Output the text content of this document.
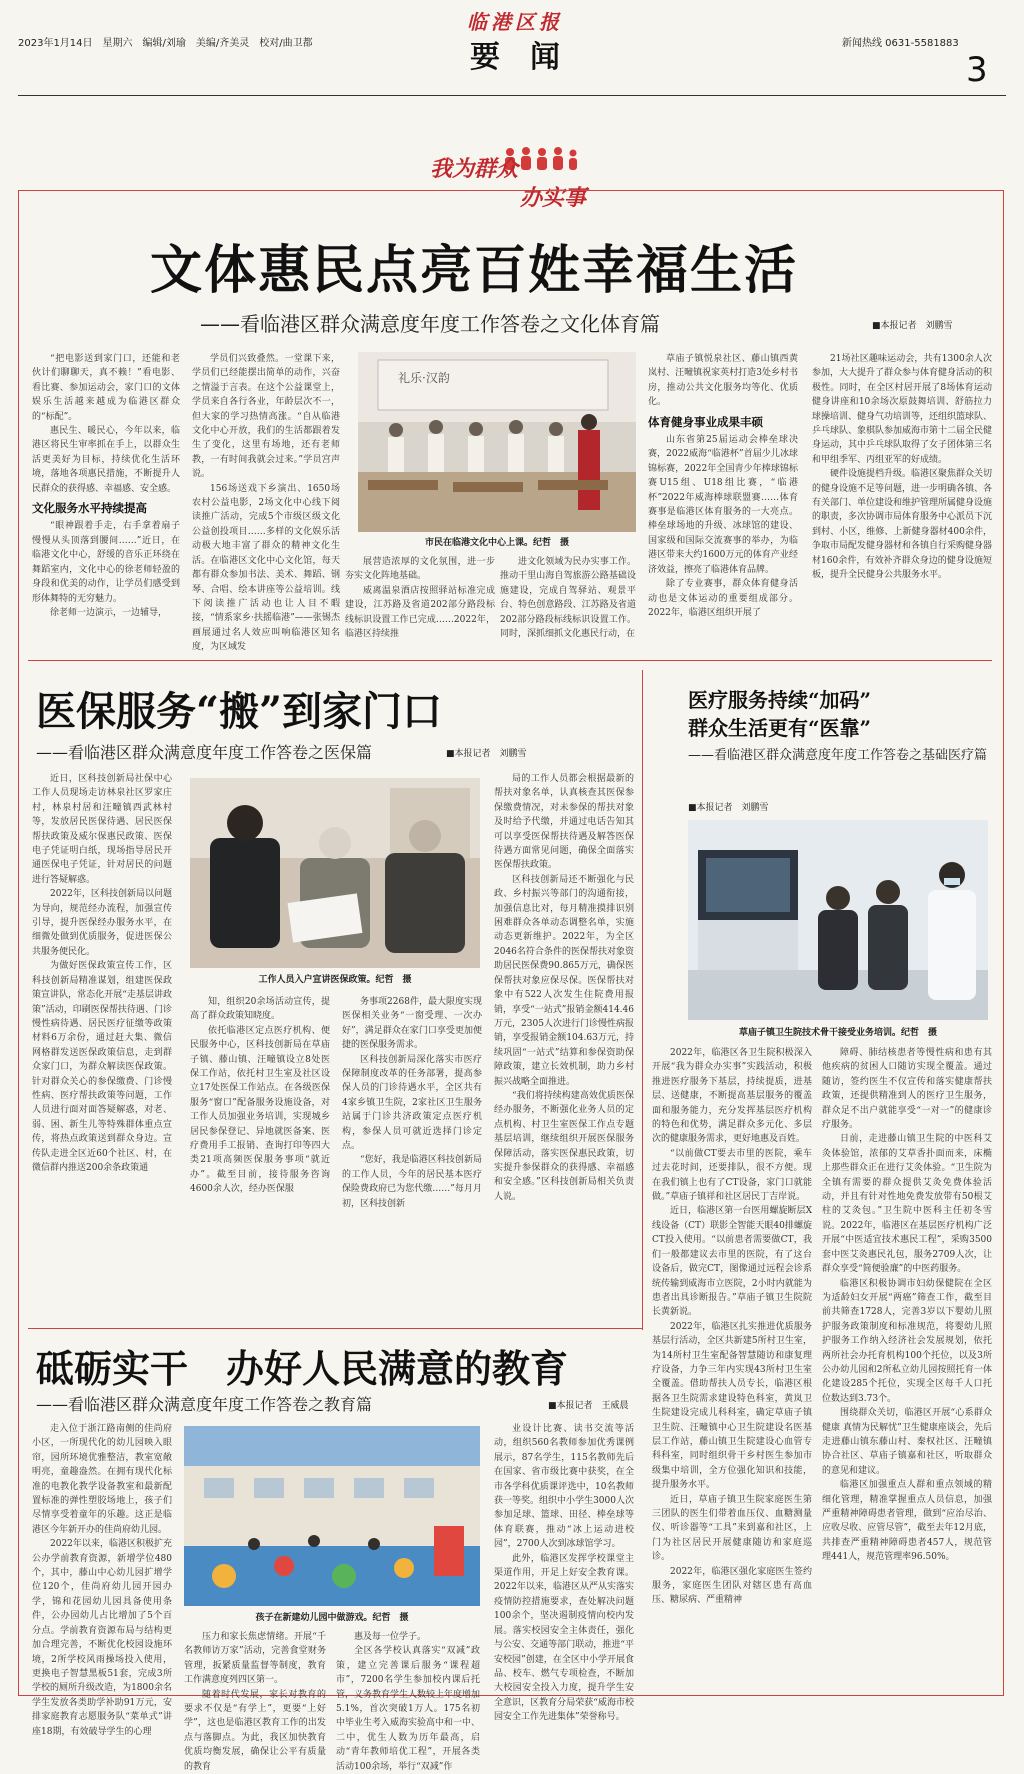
临港区报
2023年1月14日　星期六　编辑/刘瑜　美编/齐美灵　校对/曲卫都	要　闻	新闻热线 0631-5581883
3
我为群众
办实事
文体惠民点亮百姓幸福生活
——看临港区群众满意度年度工作答卷之文化体育篇	■本报记者　刘鹏雪

“把电影送到家门口，还能和老伙计们聊聊天，真不赖！”看电影、看比赛、参加运动会，家门口的文体娱乐生活越来越成为临港区群众的“标配”。

惠民生、暖民心，今年以来，临港区将民生审率抓在手上，以群众生活更美好为目标，持续优化生活环境，落地各项惠民措施，不断提升人民群众的获得感、幸福感、安全感。

文化服务水平持续提高

“眼神跟着手走，右手拿着扇子慢慢从头顶落到腰间……”近日，在临港文化中心，舒缓的音乐正环绕在舞蹈室内，文化中心的徐老师轻盈的身段和优美的动作，让学员们感受到形体舞特的无穷魅力。

徐老师一边演示，一边辅导，

学员们兴致叠然。一堂课下来，学员们已经能摆出简单的动作，兴奋之情溢于言表。在这个公益课堂上，学员来自各行各业，年龄层次不一，但大家的学习热情高涨。“自从临港文化中心开放，我们的生活都跟着发生了变化，这里有场地，还有老师教，一有时间我就会过来。”学员宫声说。

156场送戏下乡演出、1650场农村公益电影，2场文化中心线下阅读推广活动，完成5个市级区级文化公益创投项目……多样的文化娱乐活动极大地丰富了群众的精神文化生活。在临港区文化中心文化馆，每天都有群众参加书法、美术、舞蹈、钢琴、合唱、绘本讲座等公益培训。线下阅读推广活动也让人目不暇接，“情系家乡·扶摇临港”——张锡杰画展通过名人效应叫响临港区知名度，为区域发

礼乐·汉韵
市民在临港文化中心上课。纪哲　摄

展营造浓厚的文化氛围，进一步夯实文化阵地基础。

威离温泉酒店按照驿站标准完成建设，江苏路及省道202部分路段标线标识设置工作已完成……2022年，临港区持续推

进文化领域为民办实事工作。推动干里山海自驾旅游公路基础设施建设，完成自驾驿站、观景平台、特色创意路段、江苏路及省道202部分路段标线标识设置工作。同时，深抓细抓文化惠民行动，在

草庙子镇悦泉社区、藤山镇西黄岚村、汪疃镇祝家英村打造3处乡村书房，推动公共文化服务均等化、优质化。

体育健身事业成果丰硕

山东省第25届运动会棒垒球决赛，2022威海“临港杯”首届少儿冰球锦标赛，2022年全国青少年棒球锦标赛U15组、U18组比赛，“临港杯”2022年威海棒球联盟赛……体育赛事是临港区体育服务的一大亮点。棒垒球场地的升级、冰球馆的建设、国家级和国际交流赛事的举办，为临港区带来大约1600万元的体育产业经济效益，擦亮了临港体育品牌。

除了专业赛事，群众体育健身活动也是文体运动的重要组成部分。2022年，临港区组织开展了

21场社区趣味运动会，共有1300余人次参加，大大提升了群众参与体育健身活动的积极性。同时，在全区村居开展了8场体育运动健身讲座和10余场次原鼓舞培训、舒筋拉力球操培训、健身气功培训等，还组织篮球队、乒乓球队、象棋队参加威海市第十二届全民健身运动，其中乒乓球队取得了女子团体第三名和甲组季军、丙组亚军的好成绩。

硬件设施提档升级。临港区聚焦群众关切的健身设施不足等问题，进一步明确各镇、各有关部门、单位建设和维护管理所属健身设施的职责，多次协调市局体育服务中心派员下沉到村、小区，维修、上新健身器材400余件，争取市局配发健身器材和各镇自行采购健身器材160余件，有效补齐群众身边的健身设施短板，提升全民健身公共服务水平。

医保服务“搬”到家门口
——看临港区群众满意度年度工作答卷之医保篇	■本报记者　刘鹏雪

近日，区科技创新局社保中心工作人员现场走访林泉社区罗家庄村，林泉村居和汪疃镇西武林村等，发放居民医保待遇、居民医保帮扶政策及威尔保惠民政策、医保电子凭证明白纸，现场指导居民开通医保电子凭证，针对居民的问题进行答疑解惑。

2022年，区科技创新局以问题为导向，规范经办流程，加强宣传引导，提升医保经办服务水平，在细微处做到优质服务，促进医保公共服务便民化。

为做好医保政策宣传工作，区科技创新局精准谋划，组建医保政策宣讲队，常态化开展“走基层讲政策”活动，印刷医保帮扶待遇、门诊慢性病待遇、居民医疗征缴等政策材料6万余份，通过赶大集、微信网格群发送医保政策信息，走到群众家门口，为群众解读医保政策。针对群众关心的参保缴费、门诊慢性病、医疗帮扶政策等问题，工作人员进行面对面答疑解惑，对老、弱、困、新生儿等特殊群体重点宣传，将热点政策送到群众身边。宣传队走进全区近60个社区、村，在微信群内推送200余条政策通

工作人员入户宣讲医保政策。纪哲　摄

知，组织20余场活动宣传，提高了群众政策知晓度。

依托临港区定点医疗机构、便民服务中心，区科技创新局在草庙子镇、藤山镇、汪疃镇设立8处医保工作站，依托村卫生室及社区设立17处医保工作站点。在各级医保服务“窗口”配备服务设施设备，对工作人员加强业务培训，实现城乡居民参保登记、异地就医备案、医疗费用手工报销、查询打印等四大类21项高频医保服务事项“就近办”。截至目前，接待服务咨询4600余人次，经办医保服

务事项2268件，最大限度实现医保相关业务“一窗受理、一次办好”，满足群众在家门口享受更加便捷的医保服务需求。

区科技创新局深化落实市医疗保障制度改革的任务部署，提高参保人员的门诊待遇水平，全区共有4家乡镇卫生院，2家社区卫生服务站属于门诊共济政策定点医疗机构，参保人员可就近选择门诊定点。

“您好，我是临港区科技创新局的工作人员，今年的居民基本医疗保险费政府已为您代缴……”每月月初，区科技创新

局的工作人员都会根据最新的帮扶对象名单，认真核查其医保参保缴费情况，对未参保的帮扶对象及时给予代缴，并通过电话告知其可以享受医保帮扶待遇及解答医保待遇方面常见问题，确保全面落实医保帮扶政策。

区科技创新局还不断强化与民政、乡村振兴等部门的沟通衔接，加强信息比对，每月精准摸排识别困难群众各单动态调整名单，实施动态更新维护。2022年，为全区2046名符合条件的医保帮扶对象资助居民医保费90.865万元，确保医保帮扶对象应保尽保。医保帮扶对象中有522人次发生住院费用报销，享受“一站式”报销金额414.46万元，2305人次进行门诊慢性病报销，享受报销金额104.63万元，持续巩固“一站式”结算和参保资助保障政策，建立长效机制，助力乡村振兴战略全面推进。

“我们将持续构建高效优质医保经办服务，不断强化业务人员的定点机构、村卫生室医保工作点专题基层培训，继续组织开展医保服务保障活动，落实医保惠民政策，切实提升参保群众的获得感、幸福感和安全感。”区科技创新局相关负责人说。

医疗服务持续“加码”
群众生活更有“医靠”
——看临港区群众满意度年度工作答卷之基础医疗篇
■本报记者　刘鹏雪
草庙子镇卫生院技术骨干接受业务培训。纪哲　摄

2022年，临港区各卫生院积极深入开展“我为群众办实事”实践活动，积极推进医疗服务下基层，持续提质，进基层、送健康，不断提高基层服务的覆盖面和服务能力，充分发挥基层医疗机构的特色和优势，满足群众多元化、多层次的健康服务需求，更好地惠及百姓。

“以前做CT要去市里的医院，乘车过去花时间，还要排队，很不方便。现在我们镇上也有了CT设备，家门口就能做。”草庙子镇祥和社区居民丁吉岸说。

近日，临港区第一台医用螺旋断层X线设备（CT）联影全智能天眼40排螺旋CT投入使用。“以前患者需要做CT，我们一般都建议去市里的医院，有了这台设备后，做完CT，图像通过远程会诊系统传输到威海市立医院，2小时内就能为患者出具诊断报告。”草庙子镇卫生院院长黄新说。

2022年，临港区扎实推进优质服务基层行活动，全区共新建5所村卫生室，为14所村卫生室配备智慧随访和康复理疗设备，力争三年内实现43所村卫生室全覆盖。借助帮扶人员专长，临港区根据各卫生院需求建设特色科室，黄岚卫生院建设完成儿科科室，确定草庙子镇卫生院、汪疃镇中心卫生院建设名医基层工作站，藤山镇卫生院建设心血管专科科室，同时组织骨干乡村医生参加市级集中培训，全方位强化知识和技能，提升服务水平。

近日，草庙子镇卫生院家庭医生第三团队的医生们带着血压仪、血糖测量仪、听诊器等“工具”来到嘉和社区，上门为社区居民开展健康随访和家庭巡诊。

2022年，临港区强化家庭医生签约服务，家庭医生团队对辖区患有高血压、糖尿病、严重精神

障碍、肺结核患者等慢性病和患有其他疾病的贫困人口随访实现全覆盖。通过随访，签约医生不仅宣传和落实健康帮扶政策，还提供精准到人的医疗卫生服务，群众足不出户就能享受“一对一”的健康诊疗服务。

日前，走进藤山镇卫生院的中医科艾灸体验馆，浓郁的艾草香扑面而来，床椭上那些群众正在进行艾灸体验。“卫生院为全镇有需要的群众提供艾灸免费体验活动，并且有针对性地免费发放带有50根艾柱的艾灸包。”卫生院中医科主任初冬雪说。2022年，临港区在基层医疗机构广泛开展“中医适宜技术惠民工程”，采购3500套中医艾灸惠民礼包，服务2709人次，让群众享受“简便验廉”的中医药服务。

临港区积极协调市妇幼保健院在全区为适龄妇女开展“两癌”筛查工作，截至目前共筛查1728人，完善3岁以下婴幼儿照护服务政策制度和标准规范，将婴幼儿照护服务工作纳入经济社会发展规划，依托两所社会办托育机构100个托位，以及3所公办幼儿园和2所私立幼儿园按照托育一体化建设285个托位，实现全区每千人口托位数达到3.73个。

围绕群众关切，临港区开展“心系群众健康 真情为民解忧”卫生健康座谈会，先后走进藤山镇东藤山村、秦权社区、汪疃镇协合社区、草庙子镇嘉和社区，听取群众的意见和建议。

临港区加强重点人群和重点领域的精细化管理，精准掌握重点人员信息，加强严重精神障碍患者管理，做到“应治尽治、应收尽收、应管尽管”，截至去年12月底，共排查严重精神障碍患者457人，规范管理441人，规范管理率96.50%。

砥砺实干　办好人民满意的教育
——看临港区群众满意度年度工作答卷之教育篇	■本报记者　王威晨

走入位于浙江路南侧的佳尚府小区，一所现代化的幼儿园映入眼帘，园所环境优雅整洁，教室宽敞明亮，童趣盎然。在拥有现代化标准的电教化教学设备教室和最新配置标准的弹性塑胶场地上，孩子们尽情享受着童年的乐趣。这正是临港区今年新开办的佳尚府幼儿园。

2022年以来，临港区积极扩充公办学前教育资源，新增学位480个，其中，藤山中心幼儿园扩增学位120个，佳尚府幼儿园开园办学，锦和花园幼儿园具备使用条件，公办园幼儿占比增加了5个百分点。学前教育资源布局与结构更加合理完善，不断优化校园设施环境，2所学校风雨操场投入使用，更换电子智慧黑板51套，完成3所学校的厕所升级改造，为1800余名学生发放各类助学补助91万元，安排家庭教育志愿服务队“菜单式”讲座18期，有效破导学生的心理

孩子在新建幼儿园中做游戏。纪哲　摄

压力和家长焦虑情绪。开展“千名教师访万家”活动，完善食堂财务管理，扳紧质量监督等制度，教育工作满意度列四区第一。

随着时代发展，家长对教育的要求不仅是“有学上”，更要“上好学”，这也是临港区教育工作的出发点与落脚点。为此，我区加快教育优质均衡发展，确保让公平有质量的教育

惠及每一位学子。

全区各学校认真落实“双减”政策，建立完善课后服务“课程超市”，7200名学生参加校内课后托管，义务教育学生人数较上年度增加5.1%，首次突破1万人。175名初中毕业生考入威海实验高中和一中、二中，优生人数为历年最高，启动“青年教师培优工程”，开展各类活动100余场，举行“双减”作

业设计比赛、读书交流等活动，组织560名教师参加优秀课例展示，87名学生，115名教师先后在国家、省市级比赛中获奖，在全市各学科优质课评选中，10名教师获一等奖。组织中小学生3000人次参加足球、篮球、田径、棒垒球等体育联赛，推动“冰上运动进校园”，2700人次到冰球馆学习。

此外，临港区发挥学校课堂主渠道作用，开足上好安全教育课。2022年以来，临港区从严从实落实疫情防控措施要求，查处解决问题100余个，坚决遏制疫情向校内发展。落实校园安全主体责任，强化与公安、交通等部门联动，推进“平安校园”创建，在全区中小学开展食品、校车、燃气专项检查，不断加大校园安全投入力度，提升学生安全意识，区教育分局荣获“威海市校园安全工作先进集体”荣誉称号。
